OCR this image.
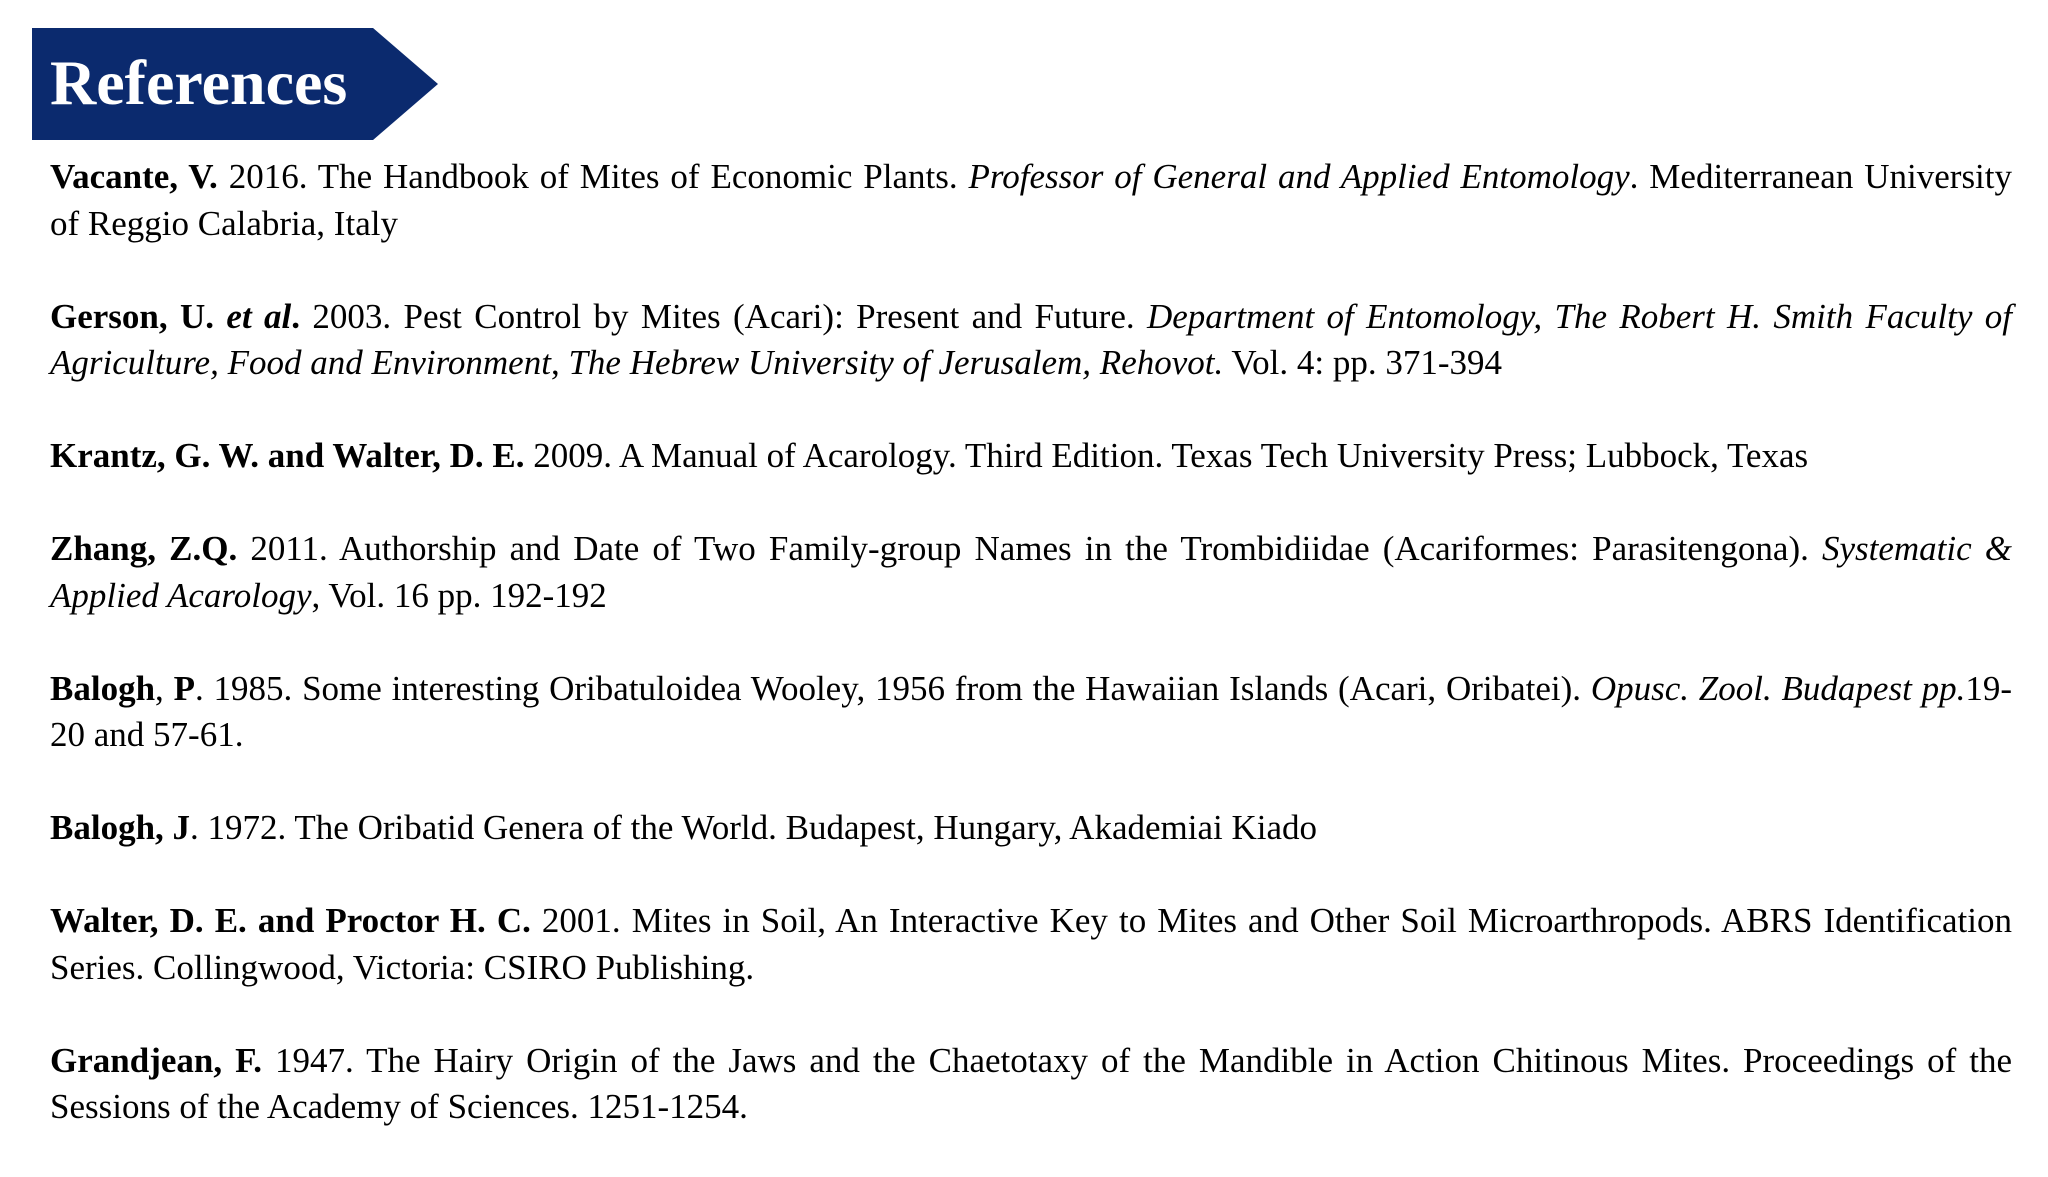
References

Vacante, V. 2016. The Handbook of Mites of Economic Plants. Professor of General and Applied Entomology. Mediterranean University of Reggio Calabria, Italy

Gerson, U. et al. 2003. Pest Control by Mites (Acari): Present and Future. Department of Entomology, The Robert H. Smith Faculty of Agriculture, Food and Environment, The Hebrew University of Jerusalem, Rehovot. Vol. 4: pp. 371-394

Krantz, G. W. and Walter, D. E. 2009. A Manual of Acarology. Third Edition. Texas Tech University Press; Lubbock, Texas

Zhang, Z.Q. 2011. Authorship and Date of Two Family-group Names in the Trombidiidae (Acariformes: Parasitengona). Systematic & Applied Acarology, Vol. 16 pp. 192-192

Balogh, P. 1985. Some interesting Oribatuloidea Wooley, 1956 from the Hawaiian Islands (Acari, Oribatei). Opusc. Zool. Budapest pp.19-20 and 57-61.

Balogh, J. 1972. The Oribatid Genera of the World. Budapest, Hungary, Akademiai Kiado

Walter, D. E. and Proctor H. C. 2001. Mites in Soil, An Interactive Key to Mites and Other Soil Microarthropods. ABRS Identification Series. Collingwood, Victoria: CSIRO Publishing.

Grandjean, F. 1947. The Hairy Origin of the Jaws and the Chaetotaxy of the Mandible in Action Chitinous Mites. Proceedings of the Sessions of the Academy of Sciences. 1251-1254.
